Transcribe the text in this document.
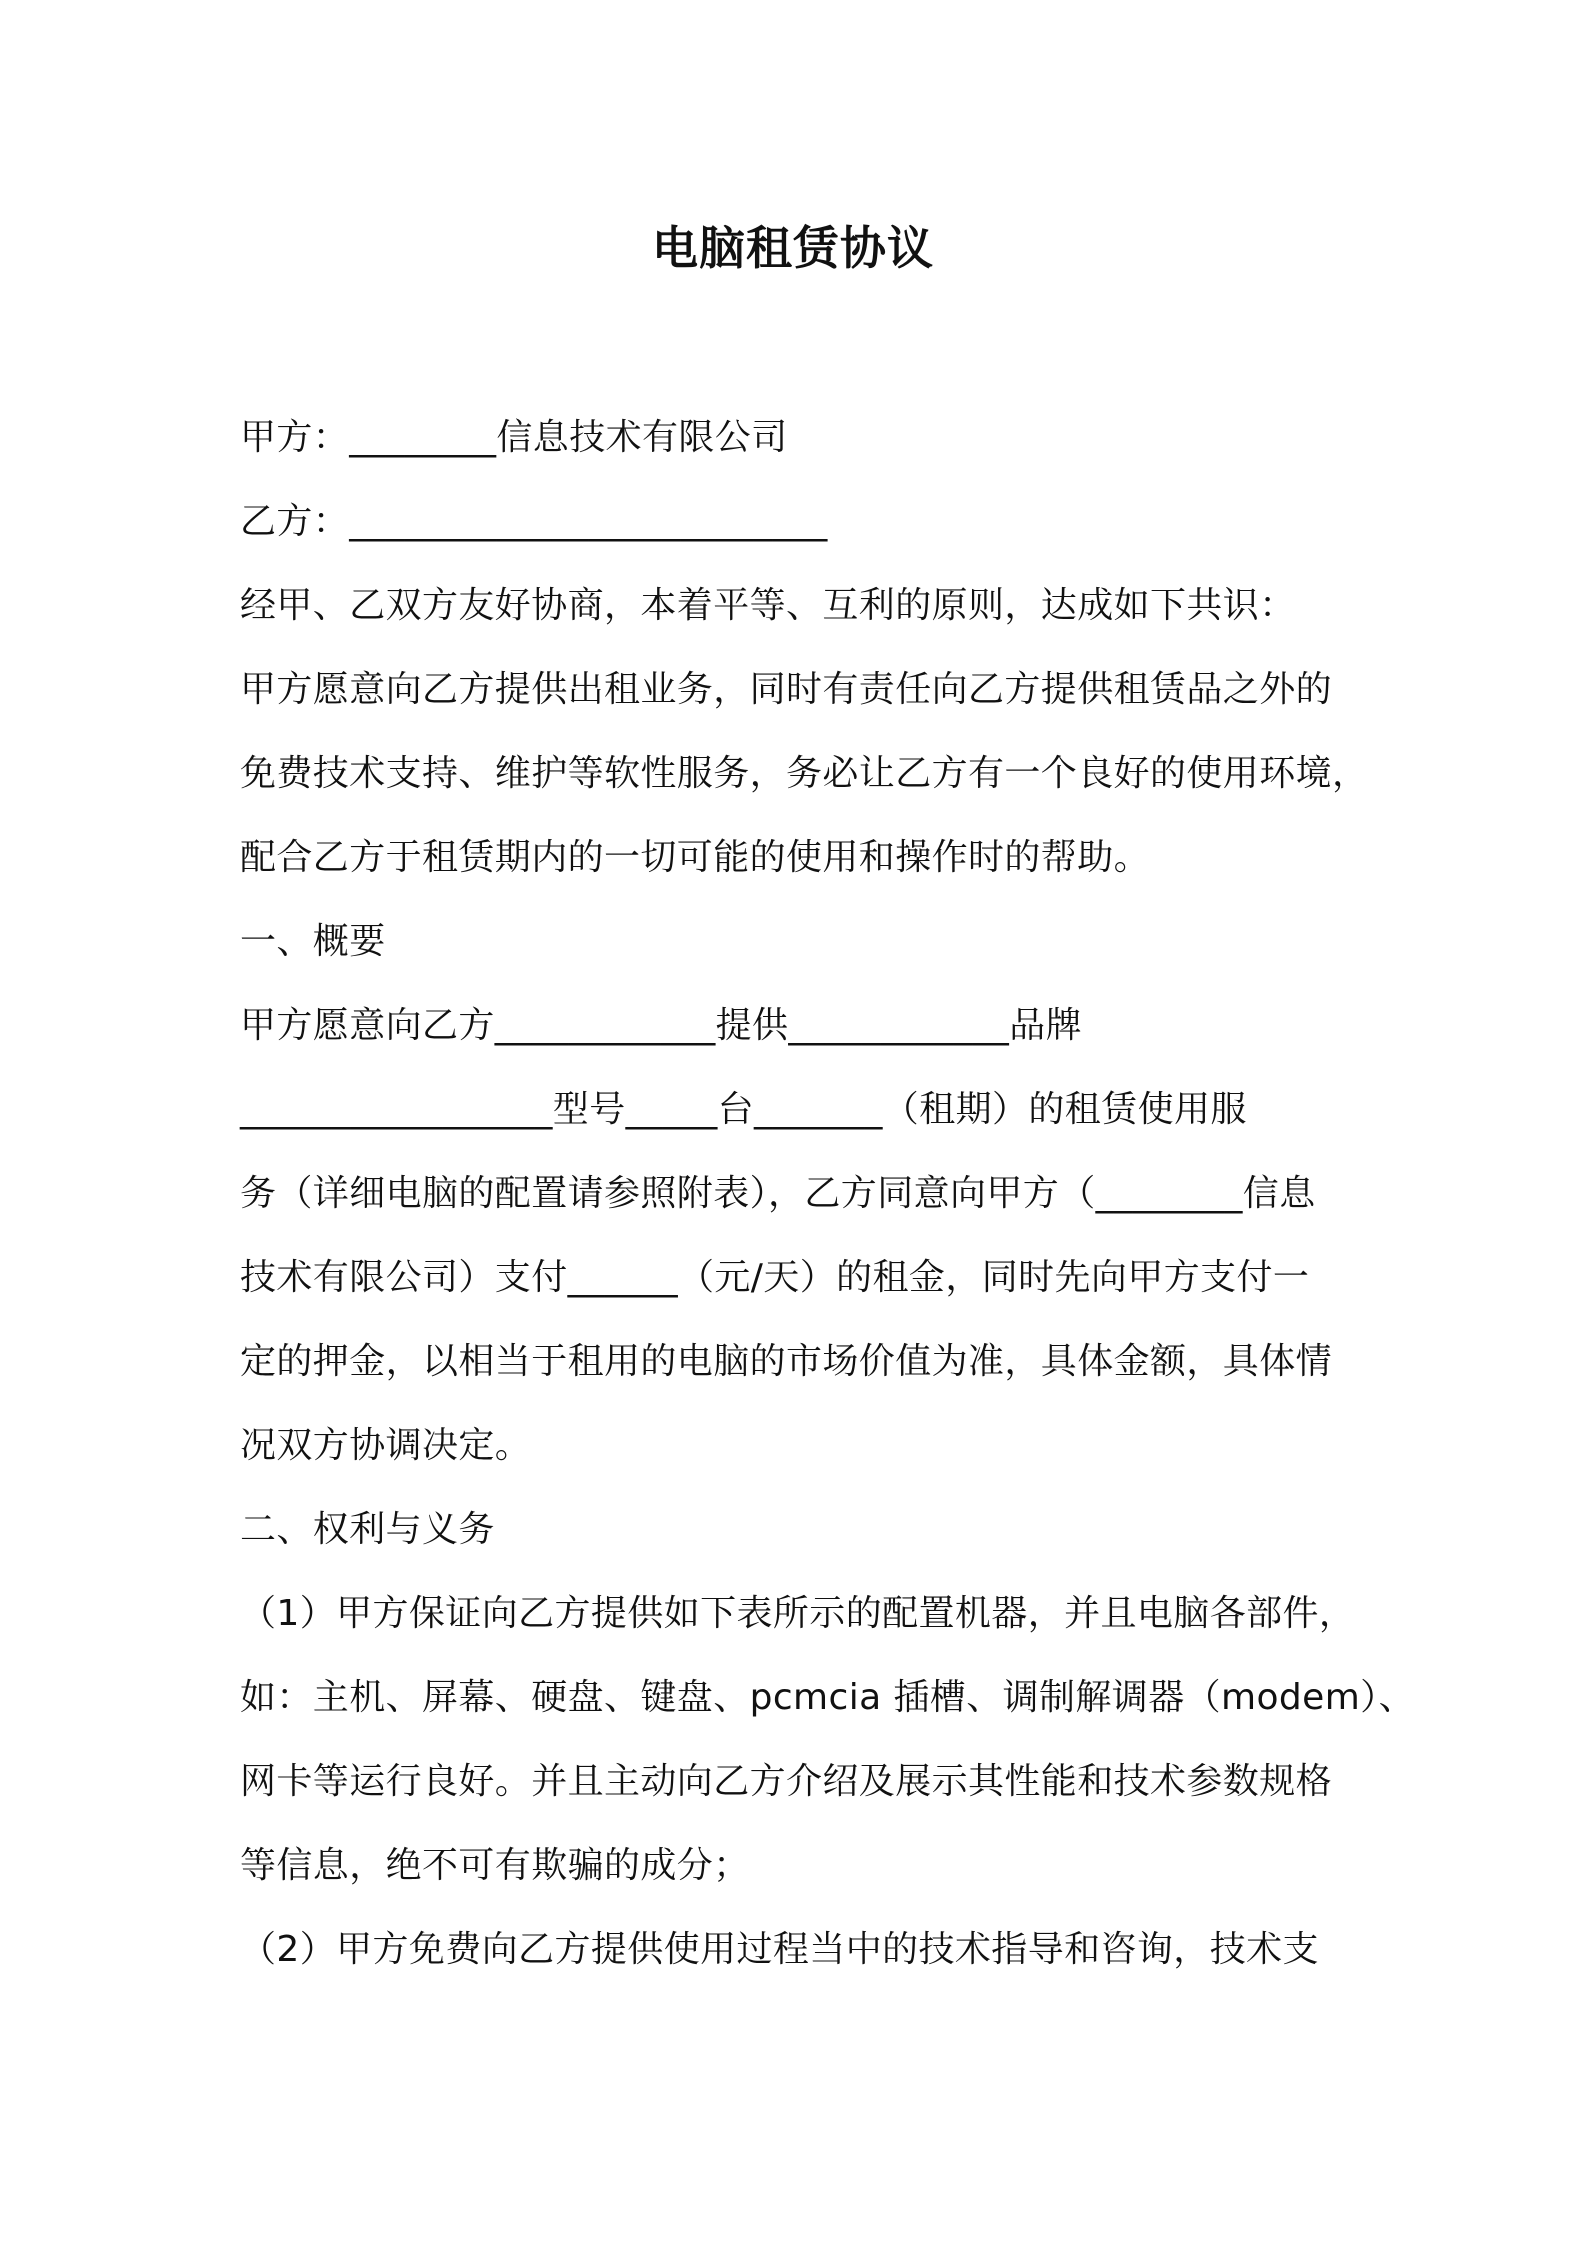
电脑租赁协议
甲方：________信息技术有限公司
乙方：__________________________
经甲、乙双方友好协商，本着平等、互利的原则，达成如下共识：
甲方愿意向乙方提供出租业务，同时有责任向乙方提供租赁品之外的
免费技术支持、维护等软性服务，务必让乙方有一个良好的使用环境，
配合乙方于租赁期内的一切可能的使用和操作时的帮助。
一、概要
甲方愿意向乙方____________提供____________品牌
_________________型号_____台_______（租期）的租赁使用服
务（详细电脑的配置请参照附表），乙方同意向甲方（________信息
技术有限公司）支付______（元/天）的租金，同时先向甲方支付一
定的押金，以相当于租用的电脑的市场价值为准，具体金额，具体情
况双方协调决定。
二、权利与义务
（1）甲方保证向乙方提供如下表所示的配置机器，并且电脑各部件，
如：主机、屏幕、硬盘、键盘、pcmcia 插槽、调制解调器（modem）、
网卡等运行良好。并且主动向乙方介绍及展示其性能和技术参数规格
等信息，绝不可有欺骗的成分；
（2）甲方免费向乙方提供使用过程当中的技术指导和咨询，技术支
